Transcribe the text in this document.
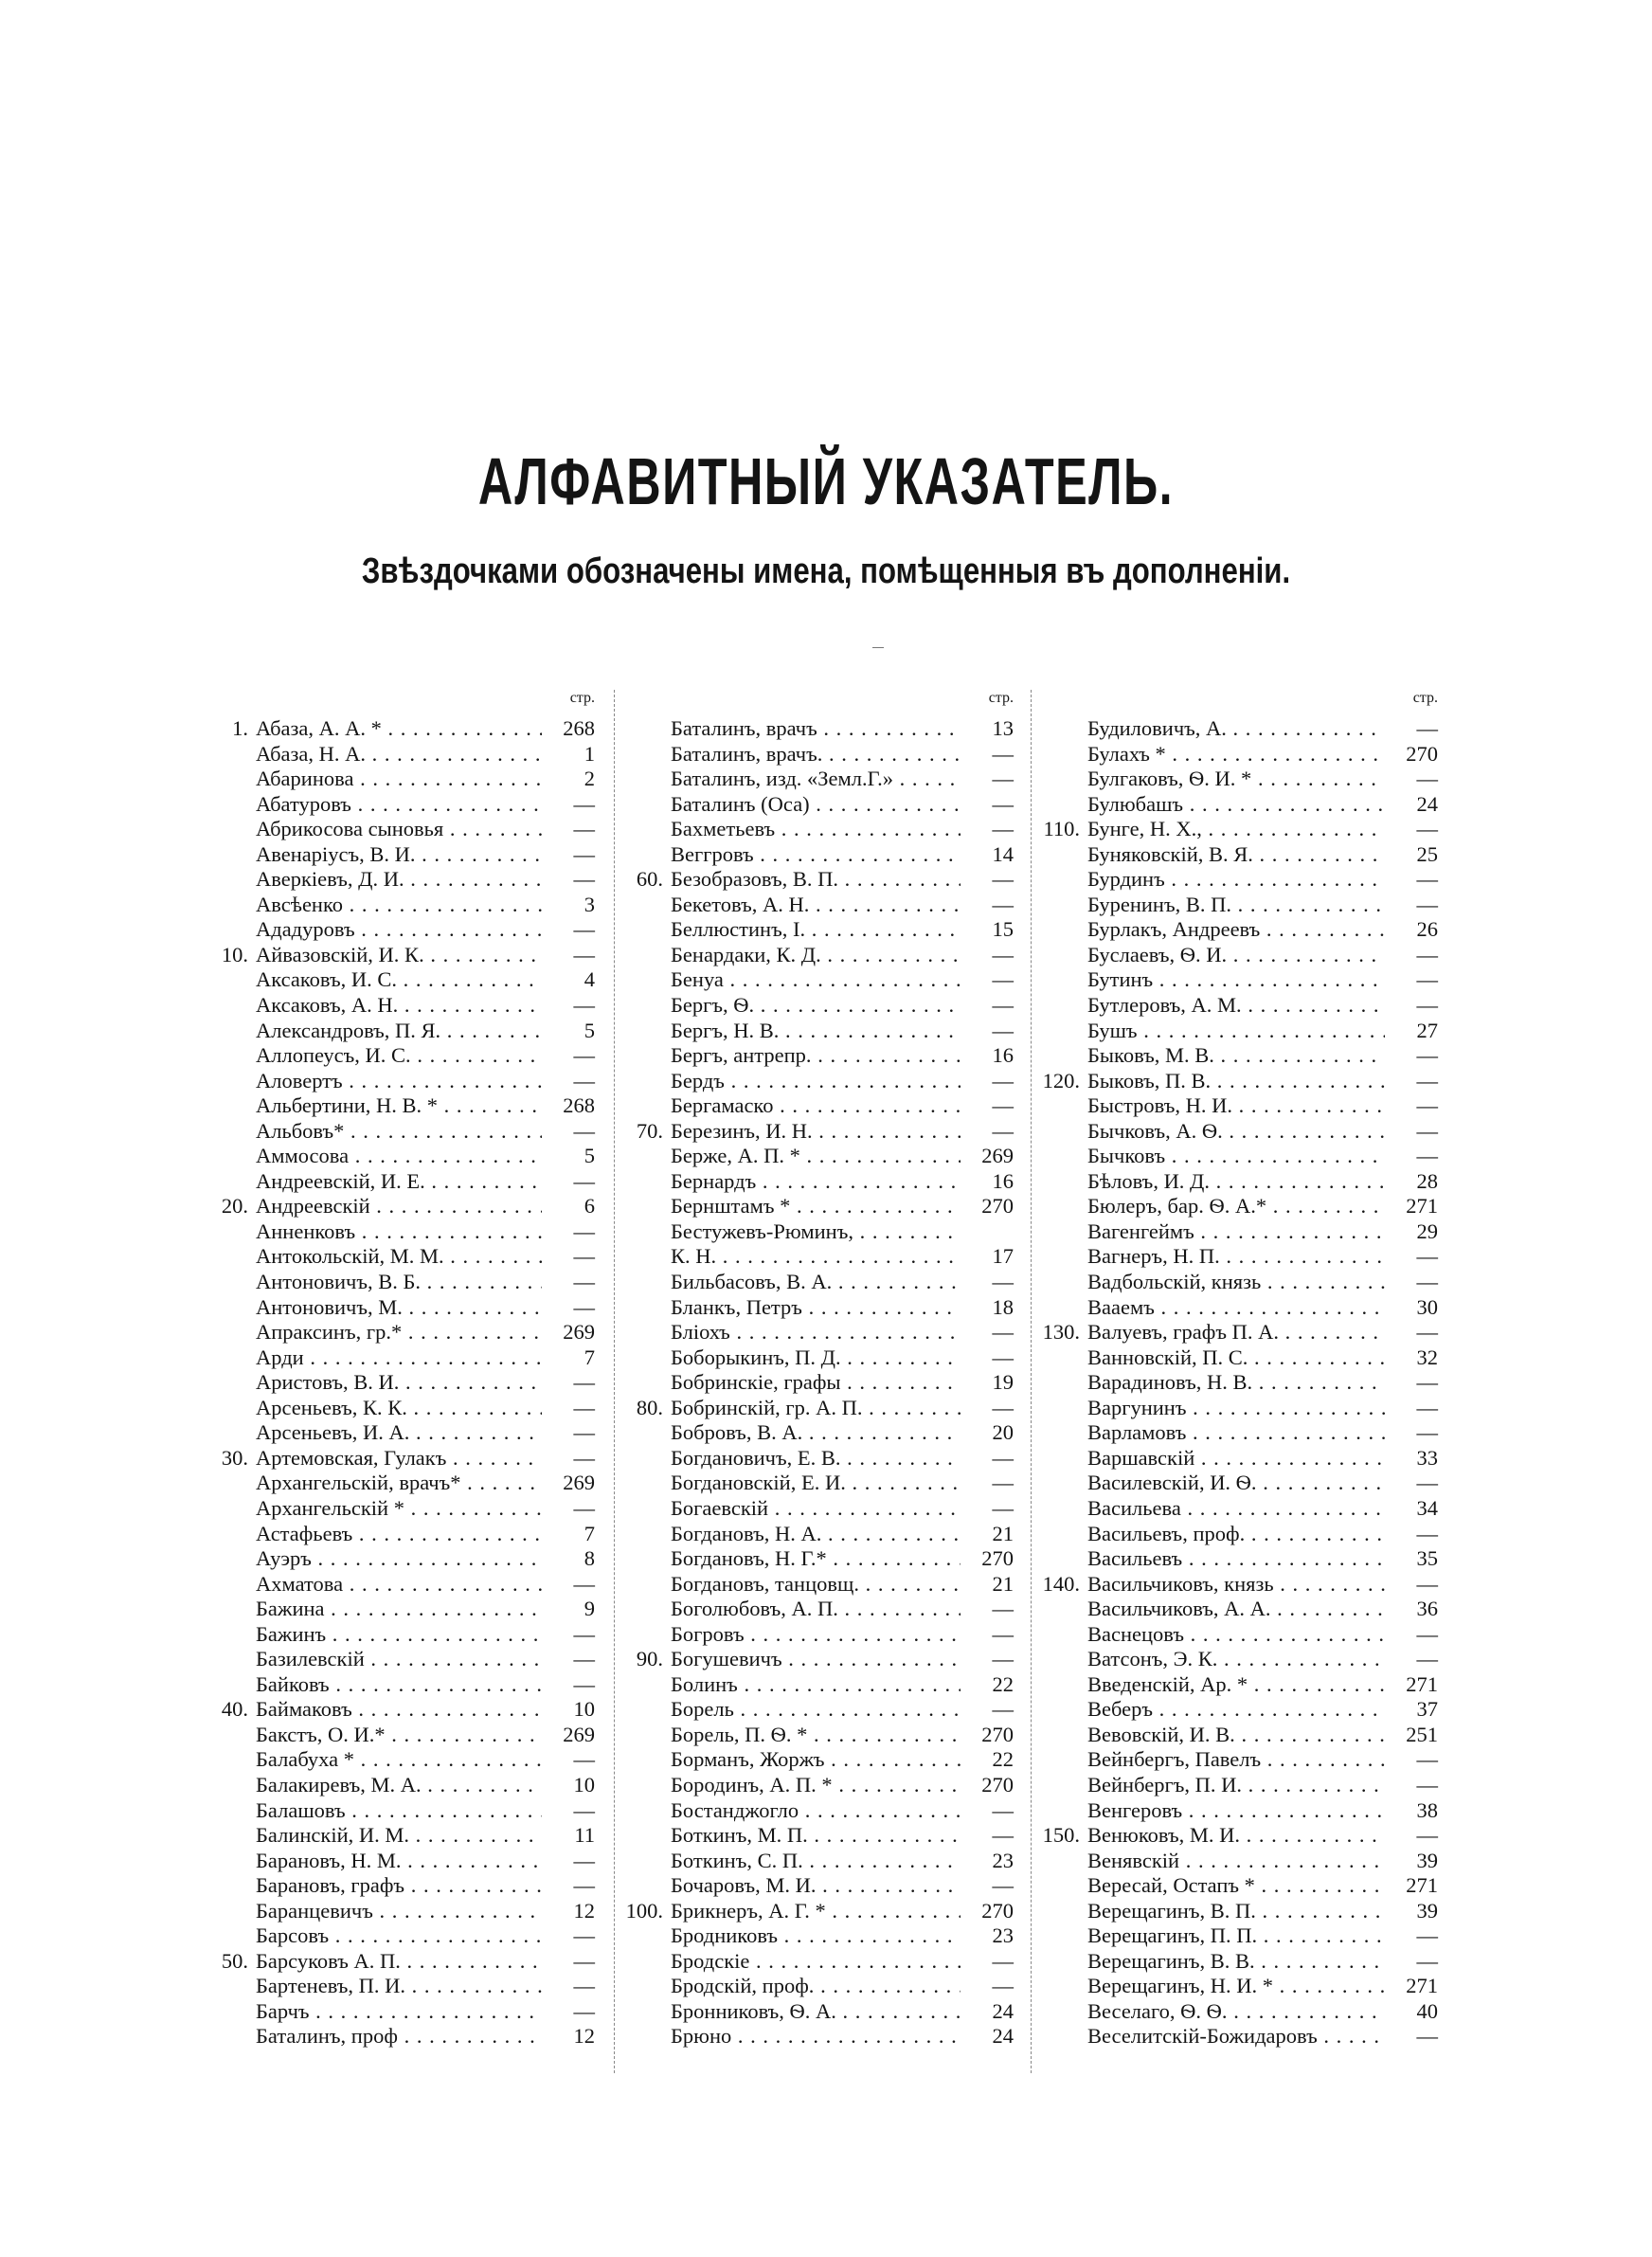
АЛФАВИТНЫЙ УКАЗАТЕЛЬ.
Звѣздочками обозначены имена, помѣщенныя въ дополненіи.
стр.
1. Абаза, А. А. * . . .	268
Абаза, Н. А. . . .	1
Абаринова . . .	2
Абатуровъ . . .	—
Абрикосова сыновья . . .	—
Авенаріусъ, В. И. . . .	—
Аверкіевъ, Д. И. . . .	—
Авсѣенко . . .	3
Ададуровъ . . .	—
10. Айвазовскій, И. К. . . .	—
Аксаковъ, И. С. . . .	4
Аксаковъ, А. Н. . . .	—
Александровъ, П. Я. . . .	5
Аллопеусъ, И. С. . . .	—
Аловертъ . . .	—
Альбертини, Н. В. * . . .	268
Альбовъ* . . .	—
Аммосова . . .	5
Андреевскій, И. Е. . . .	—
20. Андреевскій . . .	6
Анненковъ . . .	—
Антокольскій, М. М. . . .	—
Антоновичъ, В. Б. . . .	—
Антоновичъ, М. . . .	—
Апраксинъ, гр.* . . .	269
Арди . . .	7
Аристовъ, В. И. . . .	—
Арсеньевъ, К. К. . . .	—
Арсеньевъ, И. А. . . .	—
30. Артемовская, Гулакъ . . .	—
Архангельскій, врачъ* . . .	269
Архангельскій * . . .	—
Астафьевъ . . .	7
Ауэръ . . .	8
Ахматова . . .	—
Бажина . . .	9
Бажинъ . . .	—
Базилевскій . . .	—
Байковъ . . .	—
40. Баймаковъ . . .	10
Бакстъ, О. И.* . . .	269
Балабуха * . . .	—
Балакиревъ, М. А. . . .	10
Балашовъ . . .	—
Балинскій, И. М. . . .	11
Барановъ, Н. М. . . .	—
Барановъ, графъ . . .	—
Баранцевичъ . . .	12
Барсовъ . . .	—
50. Барсуковъ А. П. . . .	—
Бартеневъ, П. И. . . .	—
Барчъ . . .	—
Баталинъ, проф . . .	12
стр.
Баталинъ, врачъ . . .	13
Баталинъ, врачъ. . . .	—
Баталинъ, изд. «Земл.Г.» . . .	—
Баталинъ (Оса) . . .	—
Бахметьевъ . . .	—
Веггровъ . . .	14
60. Безобразовъ, В. П. . . .	—
Бекетовъ, А. Н. . . .	—
Беллюстинъ, I. . . .	15
Бенардаки, К. Д. . . .	—
Бенуа . . .	—
Бергъ, Ѳ. . . .	—
Бергъ, Н. В. . . .	—
Бергъ, антрепр. . . .	16
Бердъ . . .	—
Бергамаско . . .	—
70. Березинъ, И. Н. . . .	—
Берже, А. П. * . . .	269
Бернардъ . . .	16
Бернштамъ * . . .	270
Бестужевъ-Рюминъ, . . .
К. Н. . . .	17
Бильбасовъ, В. А. . . .	—
Бланкъ, Петръ . . .	18
Бліохъ . . .	—
Боборыкинъ, П. Д. . . .	—
Бобринскіе, графы . . .	19
80. Бобринскій, гр. А. П. . . .	—
Бобровъ, В. А. . . .	20
Богдановичъ, Е. В. . . .	—
Богдановскій, Е. И. . . .	—
Богаевскій . . .	—
Богдановъ, Н. А. . . .	21
Богдановъ, Н. Г.* . . .	270
Богдановъ, танцовщ. . . .	21
Боголюбовъ, А. П. . . .	—
Богровъ . . .	—
90. Богушевичъ . . .	—
Болинъ . . .	22
Борель . . .	—
Борель, П. Ѳ. * . . .	270
Борманъ, Жоржъ . . .	22
Бородинъ, А. П. * . . .	270
Бостанджогло . . .	—
Боткинъ, М. П. . . .	—
Боткинъ, С. П. . . .	23
Бочаровъ, М. И. . . .	—
100. Брикнеръ, А. Г. * . . .	270
Бродниковъ . . .	23
Бродскіе . . .	—
Бродскій, проф. . . .	—
Бронниковъ, Ѳ. А. . . .	24
Брюно . . .	24
стр.
Будиловичъ, А. . . .	—
Булахъ * . . .	270
Булгаковъ, Ѳ. И. * . . .	—
Булюбашъ . . .	24
110. Бунге, Н. Х., . . .	—
Буняковскій, В. Я. . . .	25
Бурдинъ . . .	—
Буренинъ, В. П. . . .	—
Бурлакъ, Андреевъ . . .	26
Буслаевъ, Ѳ. И. . . .	—
Бутинъ . . .	—
Бутлеровъ, А. М. . . .	—
Бушъ . . .	27
Быковъ, М. В. . . .	—
120. Быковъ, П. В. . . .	—
Быстровъ, Н. И. . . .	—
Бычковъ, А. Ѳ. . . .	—
Бычковъ . . .	—
Бѣловъ, И. Д. . . .	28
Бюлеръ, бар. Ѳ. А.* . . .	271
Вагенгеймъ . . .	29
Вагнеръ, Н. П. . . .	—
Вадбольскій, князь . . .	—
Вааемъ . . .	30
130. Валуевъ, графъ П. А. . . .	—
Ванновскій, П. С. . . .	32
Варадиновъ, Н. В. . . .	—
Варгунинъ . . .	—
Варламовъ . . .	—
Варшавскій . . .	33
Василевскій, И. Ѳ. . . .	—
Васильева . . .	34
Васильевъ, проф. . . .	—
Васильевъ . . .	35
140. Васильчиковъ, князь . . .	—
Васильчиковъ, А. А. . . .	36
Васнецовъ . . .	—
Ватсонъ, Э. К. . . .	—
Введенскій, Ар. * . . .	271
Веберъ . . .	37
Вевовскій, И. В. . . .	251
Вейнбергъ, Павелъ . . .	—
Вейнбергъ, П. И. . . .	—
Венгеровъ . . .	38
150. Венюковъ, М. И. . . .	—
Венявскій . . .	39
Вересай, Остапъ * . . .	271
Верещагинъ, В. П. . . .	39
Верещагинъ, П. П. . . .	—
Верещагинъ, В. В. . . .	—
Верещагинъ, Н. И. * . . .	271
Веселаго, Ѳ. Ѳ. . . .	40
Веселитскій-Божидаровъ . . .	—
